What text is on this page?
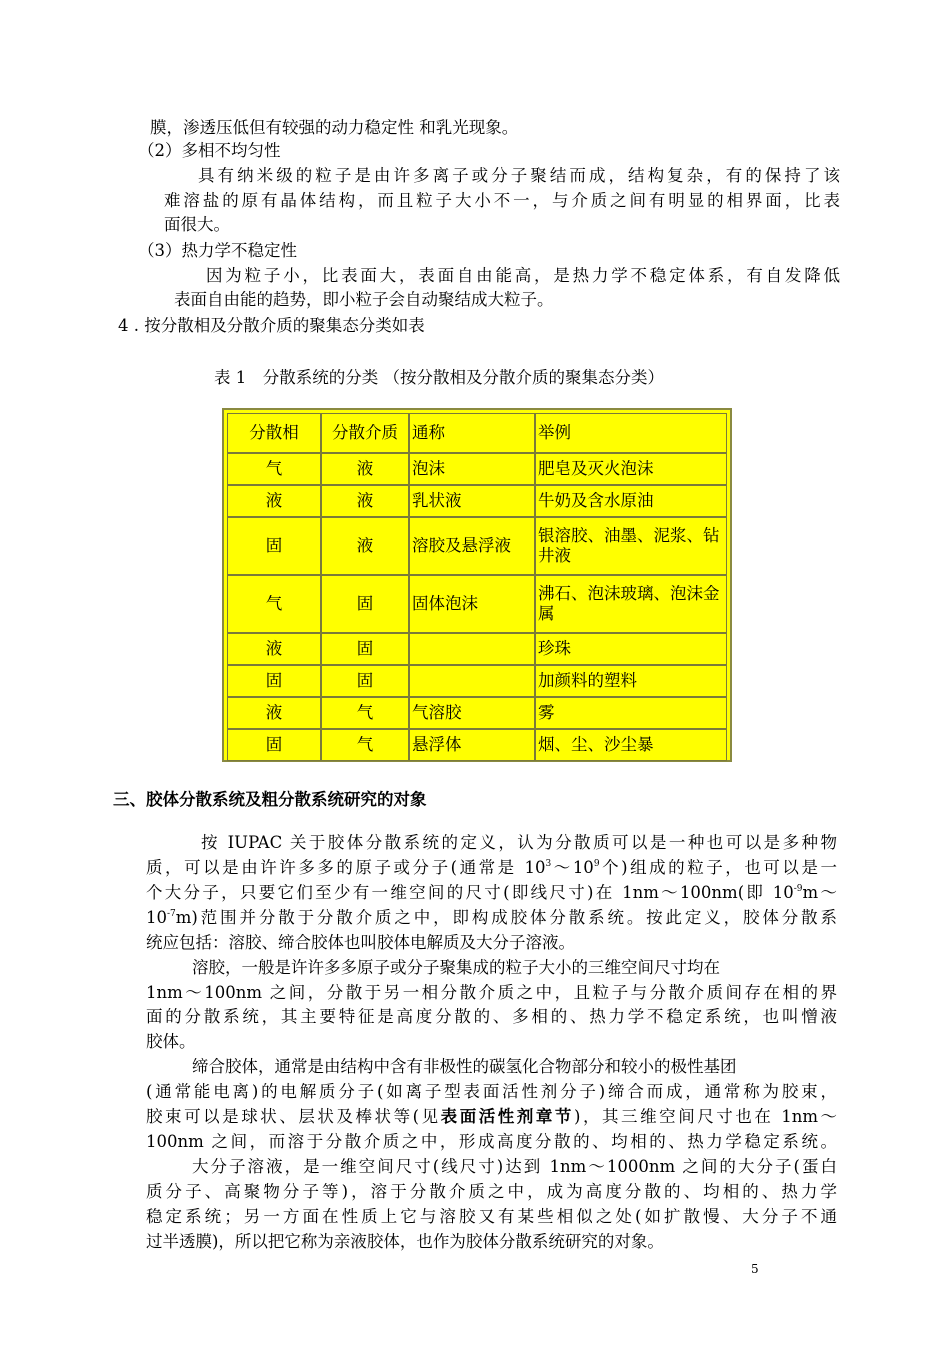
膜，渗透压低但有较强的动力稳定性 和乳光现象。
（2）多相不均匀性
具有纳米级的粒子是由许多离子或分子聚结而成，结构复杂，有的保持了该
难溶盐的原有晶体结构，而且粒子大小不一，与介质之间有明显的相界面，比表
面很大。
（3）热力学不稳定性
因为粒子小，比表面大，表面自由能高，是热力学不稳定体系，有自发降低
表面自由能的趋势，即小粒子会自动聚结成大粒子。
4 . 按分散相及分散介质的聚集态分类如表
表 1　分散系统的分类 （按分散相及分散介质的聚集态分类）
分散相	分散介质	通称	举例
气	液	泡沫	肥皂及灭火泡沫
液	液	乳状液	牛奶及含水原油
固	液	溶胶及悬浮液	银溶胶、油墨、泥浆、钻井液
气	固	固体泡沫	沸石、泡沫玻璃、泡沫金属
液	固		珍珠
固	固		加颜料的塑料
液	气	气溶胶	雾
固	气	悬浮体	烟、尘、沙尘暴
三、胶体分散系统及粗分散系统研究的对象
按 IUPAC 关于胶体分散系统的定义，认为分散质可以是一种也可以是多种物
质，可以是由许许多多的原子或分子(通常是 $10^3\sim 10^9$个)组成的粒子，也可以是一
个大分子，只要它们至少有一维空间的尺寸(即线尺寸)在 1nm～100nm(即 $10^{-9}m\sim$
$10^{-7}m$)范围并分散于分散介质之中，即构成胶体分散系统。按此定义，胶体分散系
统应包括：溶胶、缔合胶体也叫胶体电解质及大分子溶液。
溶胶，一般是许许多多原子或分子聚集成的粒子大小的三维空间尺寸均在
1nm～100nm 之间，分散于另一相分散介质之中，且粒子与分散介质间存在相的界
面的分散系统，其主要特征是高度分散的、多相的、热力学不稳定系统，也叫憎液
胶体。
缔合胶体，通常是由结构中含有非极性的碳氢化合物部分和较小的极性基团
(通常能电离)的电解质分子(如离子型表面活性剂分子)缔合而成，通常称为胶束，
胶束可以是球状、层状及棒状等(见表面活性剂章节)，其三维空间尺寸也在 1nm～
100nm 之间，而溶于分散介质之中，形成高度分散的、均相的、热力学稳定系统。
大分子溶液，是一维空间尺寸(线尺寸)达到 1nm～1000nm 之间的大分子(蛋白
质分子、高聚物分子等)，溶于分散介质之中，成为高度分散的、均相的、热力学
稳定系统；另一方面在性质上它与溶胶又有某些相似之处(如扩散慢、大分子不通
过半透膜)，所以把它称为亲液胶体，也作为胶体分散系统研究的对象。
5
